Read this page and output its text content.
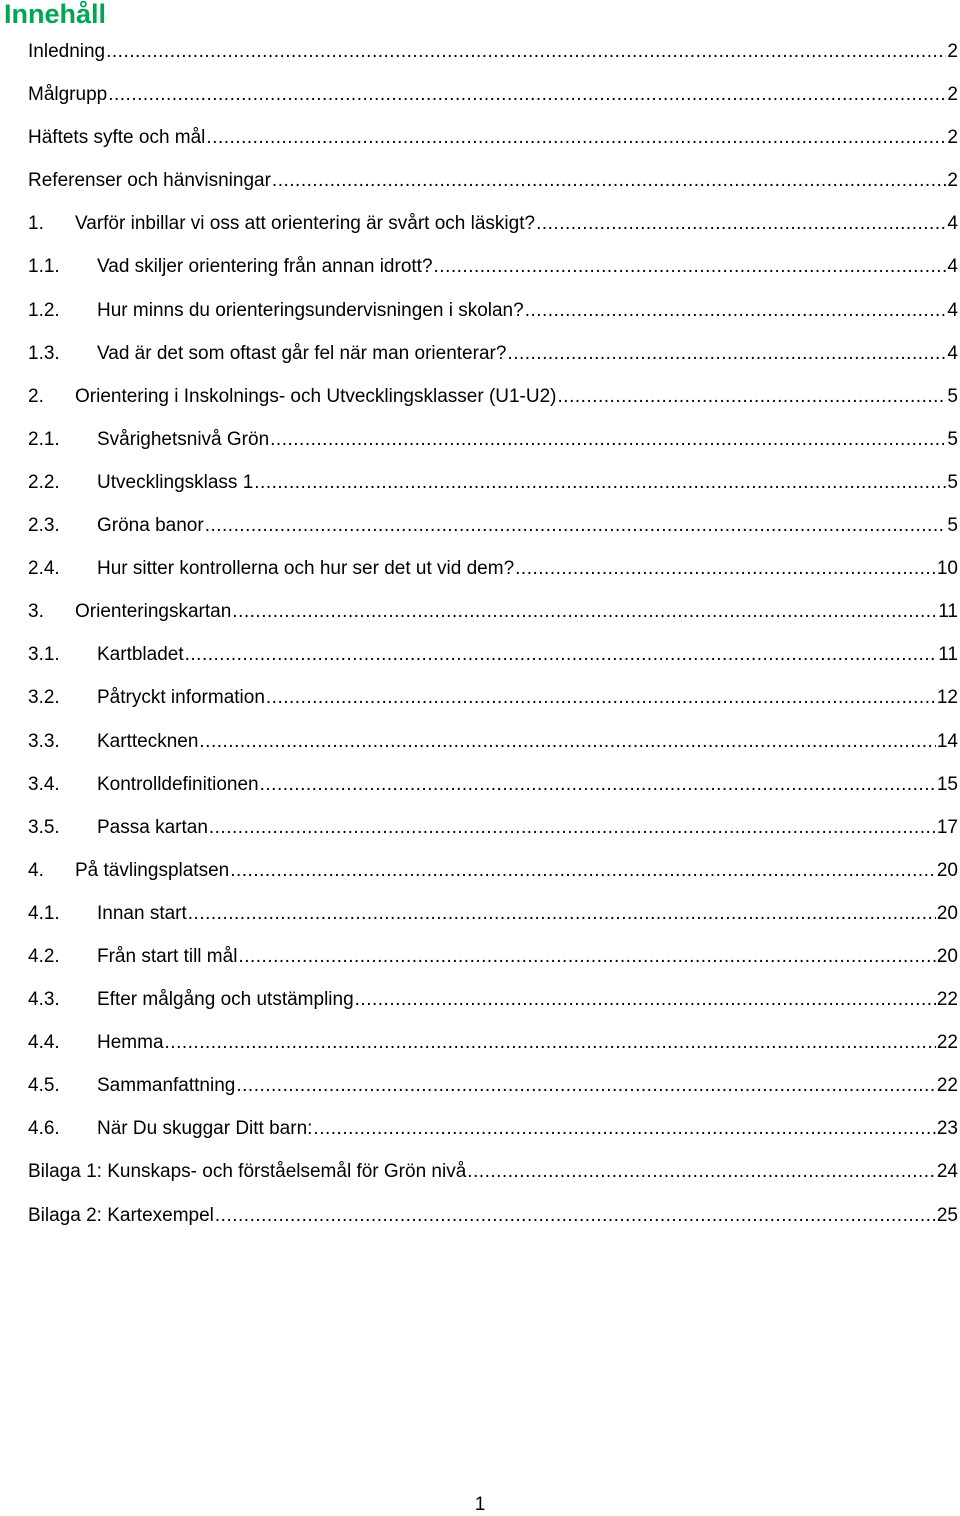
Innehåll
Inledning .....	2
Målgrupp .....	2
Häftets syfte och mål .....	2
Referenser och hänvisningar .....	2
1.	Varför inbillar vi oss att orientering är svårt och läskigt? .....	4
1.1.	Vad skiljer orientering från annan idrott? .....	4
1.2.	Hur minns du orienteringsundervisningen i skolan? .....	4
1.3.	Vad är det som oftast går fel när man orienterar? .....	4
2.	Orientering i Inskolnings- och Utvecklingsklasser (U1-U2) .....	5
2.1.	Svårighetsnivå Grön .....	5
2.2.	Utvecklingsklass 1 .....	5
2.3.	Gröna banor .....	5
2.4.	Hur sitter kontrollerna och hur ser det ut vid dem? .....	10
3.	Orienteringskartan .....	11
3.1.	Kartbladet .....	11
3.2.	Påtryckt information .....	12
3.3.	Karttecknen .....	14
3.4.	Kontrolldefinitionen .....	15
3.5.	Passa kartan .....	17
4.	På tävlingsplatsen .....	20
4.1.	Innan start .....	20
4.2.	Från start till mål .....	20
4.3.	Efter målgång och utstämpling .....	22
4.4.	Hemma .....	22
4.5.	Sammanfattning .....	22
4.6.	När Du skuggar Ditt barn: .....	23
Bilaga 1: Kunskaps- och förståelsemål för Grön nivå .....	24
Bilaga 2: Kartexempel .....	25
1
